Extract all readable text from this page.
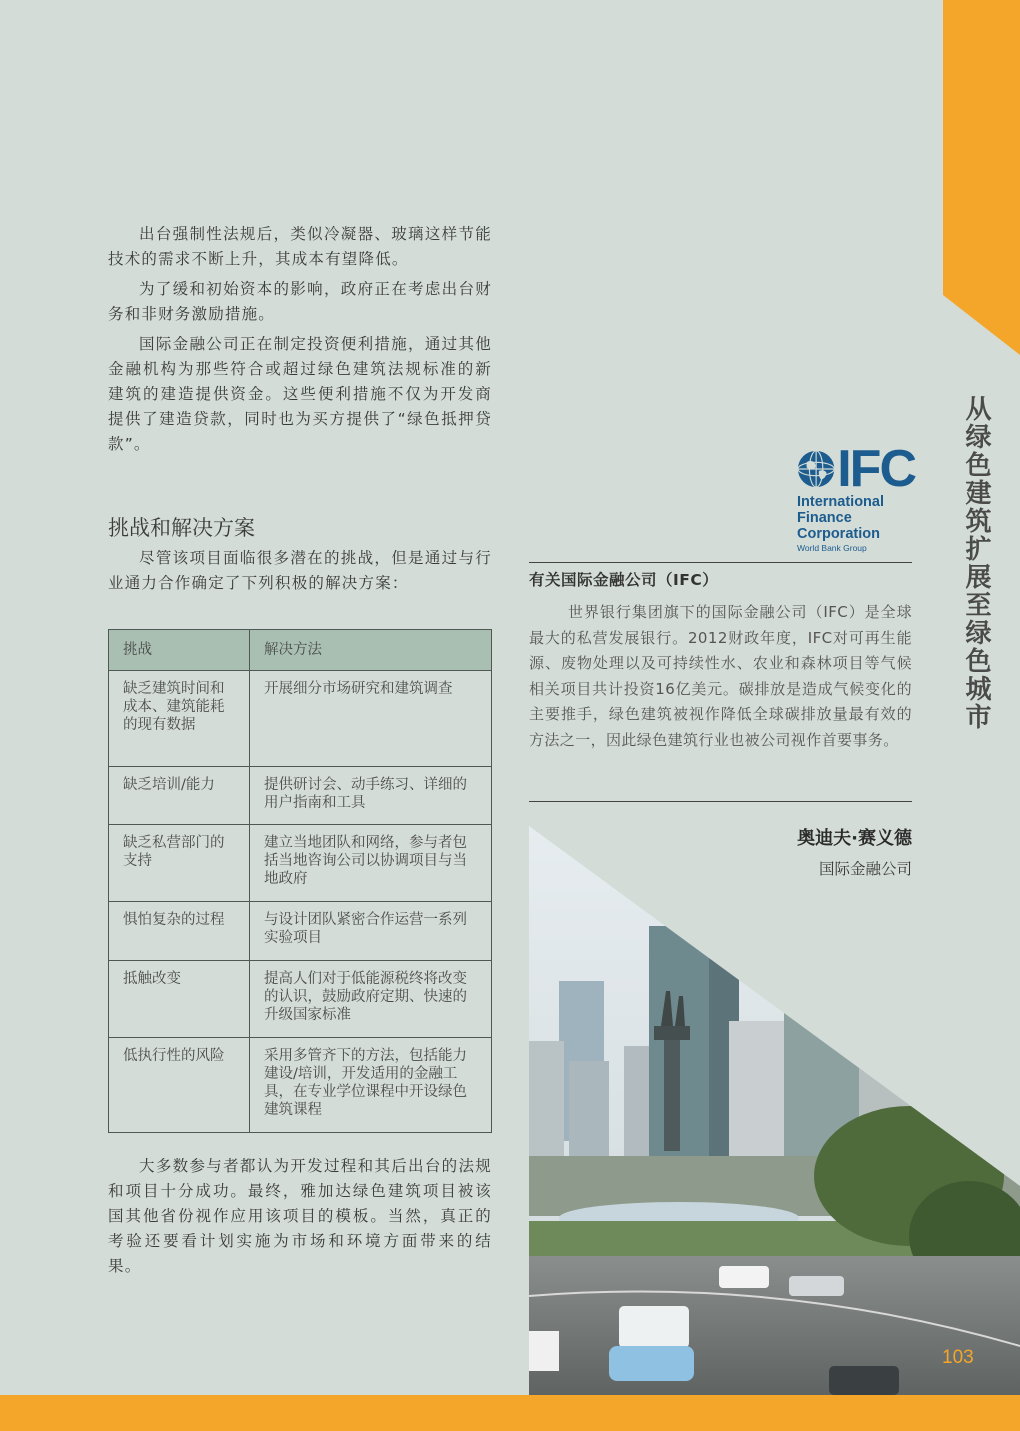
从绿色建筑扩展至绿色城市

出台强制性法规后，类似冷凝器、玻璃这样节能技术的需求不断上升，其成本有望降低。

为了缓和初始资本的影响，政府正在考虑出台财务和非财务激励措施。

国际金融公司正在制定投资便利措施，通过其他金融机构为那些符合或超过绿色建筑法规标准的新建筑的建造提供资金。这些便利措施不仅为开发商提供了建造贷款，同时也为买方提供了“绿色抵押贷款”。

挑战和解决方案

尽管该项目面临很多潜在的挑战，但是通过与行业通力合作确定了下列积极的解决方案：

挑战	解决方法
缺乏建筑时间和成本、建筑能耗的现有数据	开展细分市场研究和建筑调查
缺乏培训/能力	提供研讨会、动手练习、详细的用户指南和工具
缺乏私营部门的支持	建立当地团队和网络，参与者包括当地咨询公司以协调项目与当地政府
惧怕复杂的过程	与设计团队紧密合作运营一系列实验项目
抵触改变	提高人们对于低能源税终将改变的认识，鼓励政府定期、快速的升级国家标准
低执行性的风险	采用多管齐下的方法，包括能力建设/培训，开发适用的金融工具，在专业学位课程中开设绿色建筑课程

大多数参与者都认为开发过程和其后出台的法规和项目十分成功。最终，雅加达绿色建筑项目被该国其他省份视作应用该项目的模板。当然，真正的考验还要看计划实施为市场和环境方面带来的结果。

IFC
International
Finance
Corporation
World Bank Group
有关国际金融公司（IFC）

世界银行集团旗下的国际金融公司（IFC）是全球最大的私营发展银行。2012财政年度，IFC对可再生能源、废物处理以及可持续性水、农业和森林项目等气候相关项目共计投资16亿美元。碳排放是造成气候变化的主要推手，绿色建筑被视作降低全球碳排放量最有效的方法之一，因此绿色建筑行业也被公司视作首要事务。

奥迪夫·赛义德
国际金融公司
103
